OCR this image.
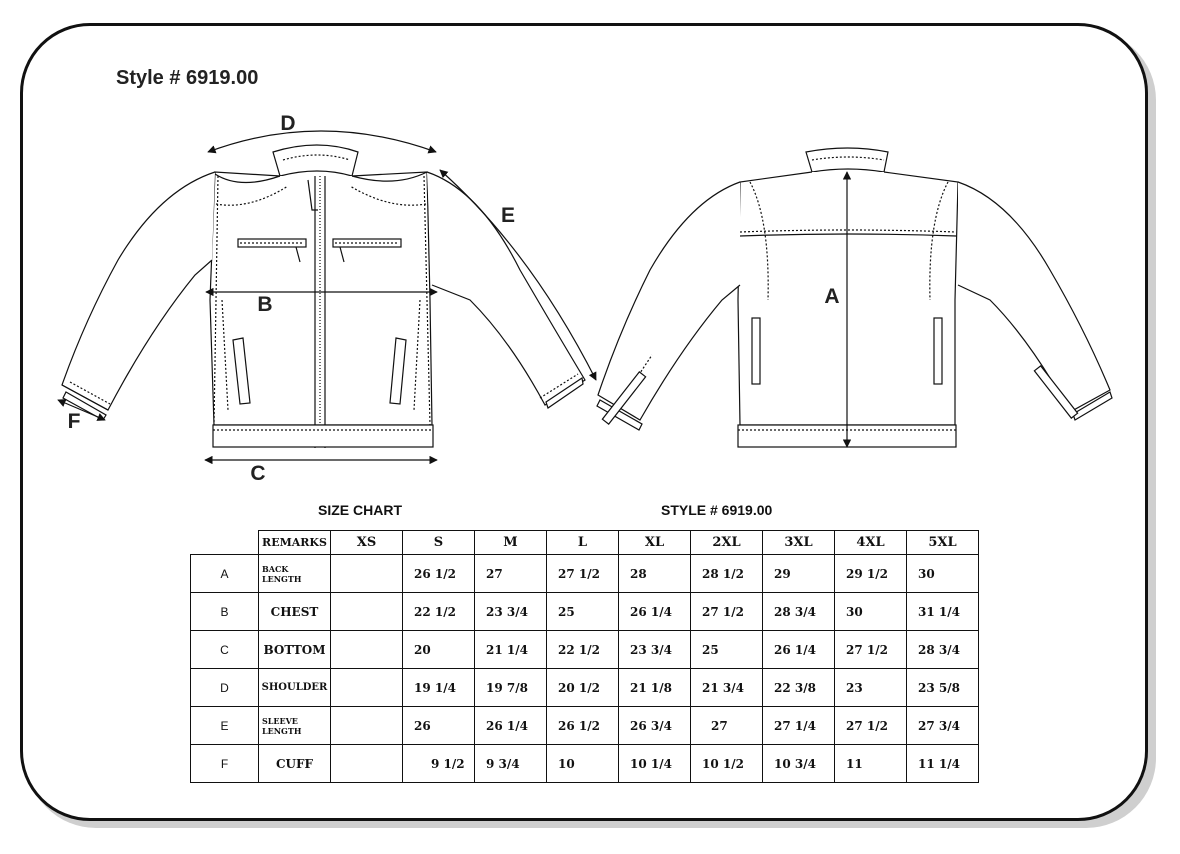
Style # 6919.00
D
E
B
C
F
A
SIZE CHART	STYLE # 6919.00
	REMARKS	XS	S	M	L	XL	2XL	3XL	4XL	5XL
A	BACK LENGTH		26 1/2	27	27 1/2	28	28 1/2	29	29 1/2	30
B	CHEST		22 1/2	23 3/4	25	26 1/4	27 1/2	28 3/4	30	31 1/4
C	BOTTOM		20	21 1/4	22 1/2	23 3/4	25	26 1/4	27 1/2	28 3/4
D	SHOULDER		19 1/4	19 7/8	20 1/2	21 1/8	21 3/4	22 3/8	23	23 5/8
E	SLEEVE LENGTH		26	26 1/4	26 1/2	26 3/4	27	27 1/4	27 1/2	27 3/4
F	CUFF		9 1/2	9 3/4	10	10 1/4	10 1/2	10 3/4	11	11 1/4
